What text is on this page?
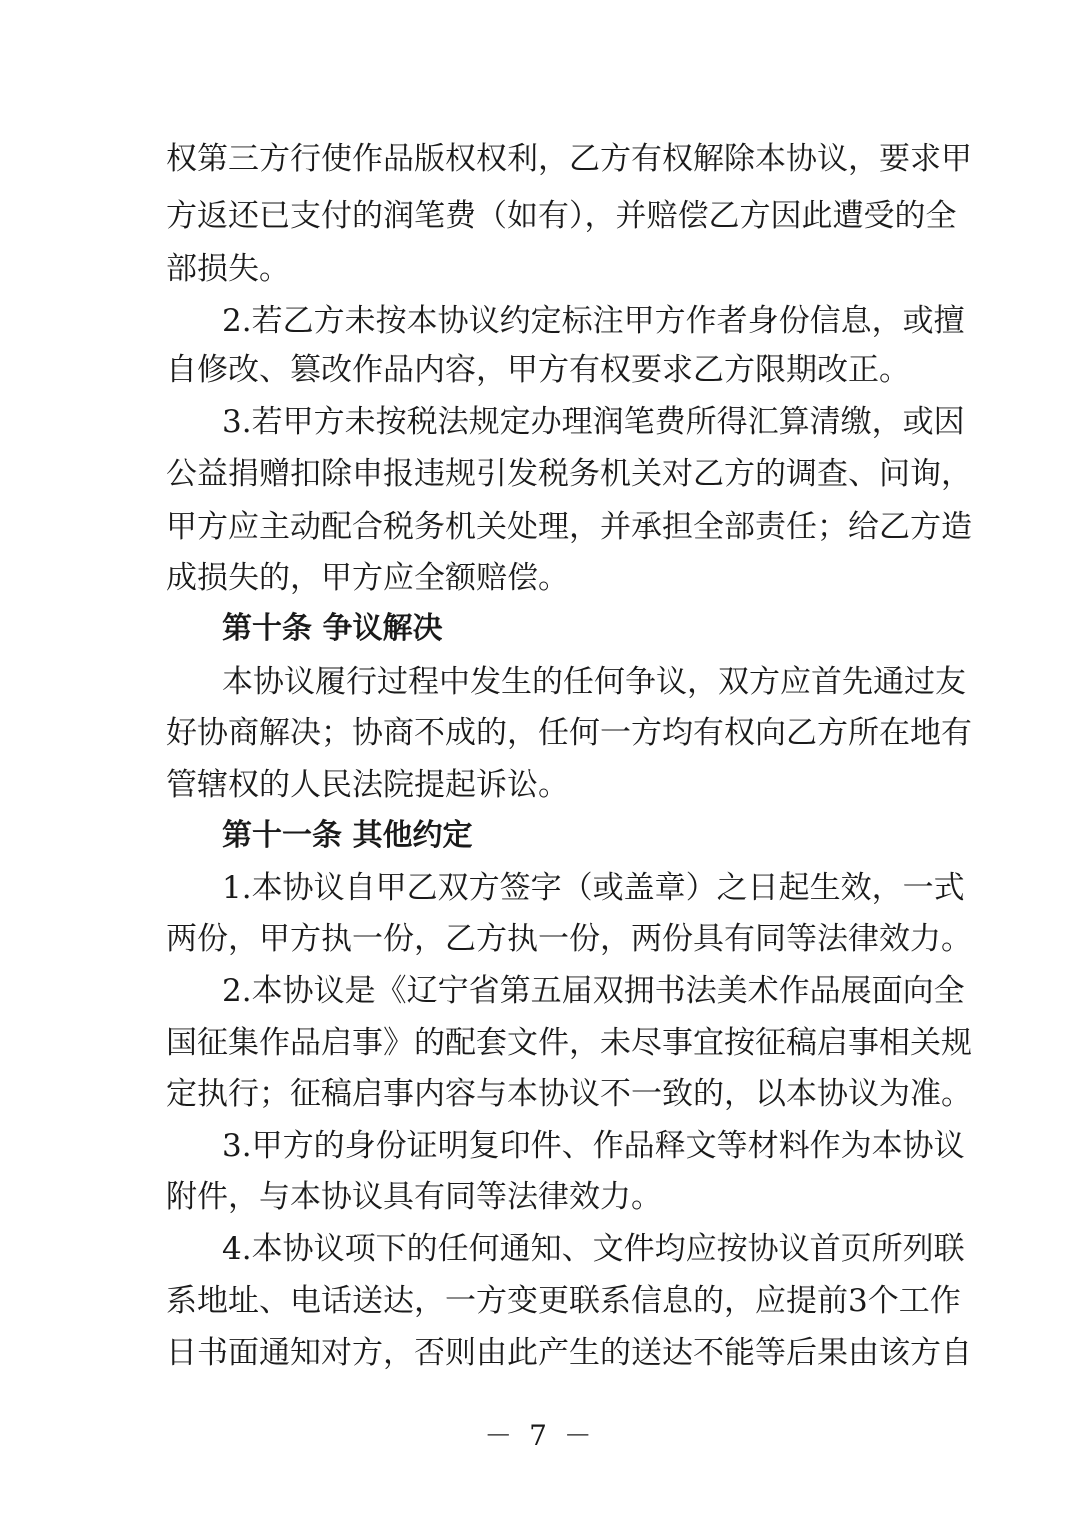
权第三方行使作品版权权利，乙方有权解除本协议，要求甲
方返还已支付的润笔费（如有），并赔偿乙方因此遭受的全
部损失。
2.若乙方未按本协议约定标注甲方作者身份信息，或擅
自修改、篡改作品内容，甲方有权要求乙方限期改正。
3.若甲方未按税法规定办理润笔费所得汇算清缴，或因
公益捐赠扣除申报违规引发税务机关对乙方的调查、问询，
甲方应主动配合税务机关处理，并承担全部责任；给乙方造
成损失的，甲方应全额赔偿。
第十条 争议解决
本协议履行过程中发生的任何争议，双方应首先通过友
好协商解决；协商不成的，任何一方均有权向乙方所在地有
管辖权的人民法院提起诉讼。
第十一条 其他约定
1.本协议自甲乙双方签字（或盖章）之日起生效，一式
两份，甲方执一份，乙方执一份，两份具有同等法律效力。
2.本协议是《辽宁省第五届双拥书法美术作品展面向全
国征集作品启事》的配套文件，未尽事宜按征稿启事相关规
定执行；征稿启事内容与本协议不一致的，以本协议为准。
3.甲方的身份证明复印件、作品释文等材料作为本协议
附件，与本协议具有同等法律效力。
4.本协议项下的任何通知、文件均应按协议首页所列联
系地址、电话送达，一方变更联系信息的，应提前3个工作
日书面通知对方，否则由此产生的送达不能等后果由该方自
－ 7 －
